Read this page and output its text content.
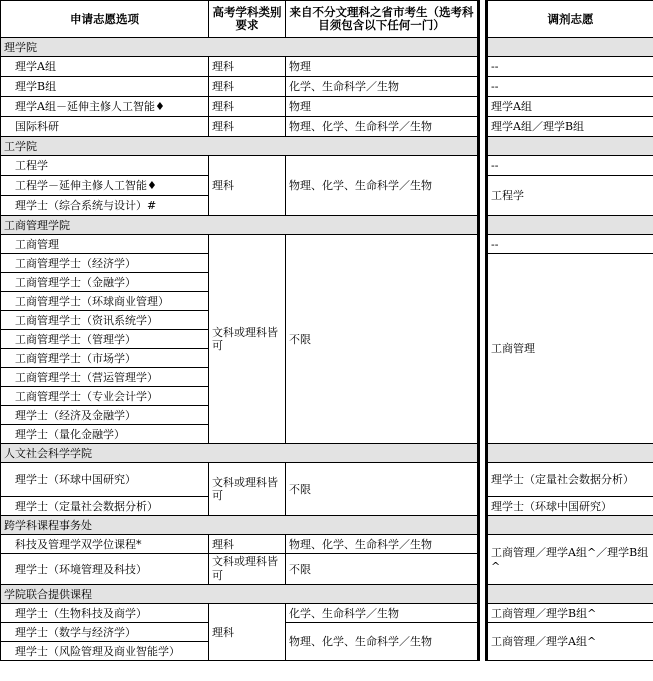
申请志愿选项	高考学科类别要求	来自不分文理科之省市考生（选考科目须包含以下任何一门）		调剂志愿
理学院				
理学A组	理科	物理		--
理学B组	理科	化学、生命科学／生物		--
理学A组－延伸主修人工智能♦	理科	物理		理学A组
国际科研	理科	物理、化学、生命科学／生物		理学A组／理学B组
工学院				
工程学	理科	物理、化学、生命科学／生物		--
工程学－延伸主修人工智能♦				工程学
理学士（综合系统与设计）#				
工商管理学院				
工商管理	文科或理科皆可	不限		--
工商管理学士（经济学）				工商管理
工商管理学士（金融学）				
工商管理学士（环球商业管理）				
工商管理学士（资讯系统学）				
工商管理学士（管理学）				
工商管理学士（市场学）				
工商管理学士（营运管理学）				
工商管理学士（专业会计学）				
理学士（经济及金融学）				
理学士（量化金融学）				
人文社会科学学院				
理学士（环球中国研究）	文科或理科皆可	不限		理学士（定量社会数据分析）
理学士（定量社会数据分析）				理学士（环球中国研究）
跨学科课程事务处				
科技及管理学双学位课程*	理科	物理、化学、生命科学／生物		工商管理／理学A组^／理学B组^
理学士（环境管理及科技）	文科或理科皆可	不限		
学院联合提供课程				
理学士（生物科技及商学）	理科	化学、生命科学／生物		工商管理／理学B组^
理学士（数学与经济学）		物理、化学、生命科学／生物		工商管理／理学A组^
理学士（风险管理及商业智能学）				
